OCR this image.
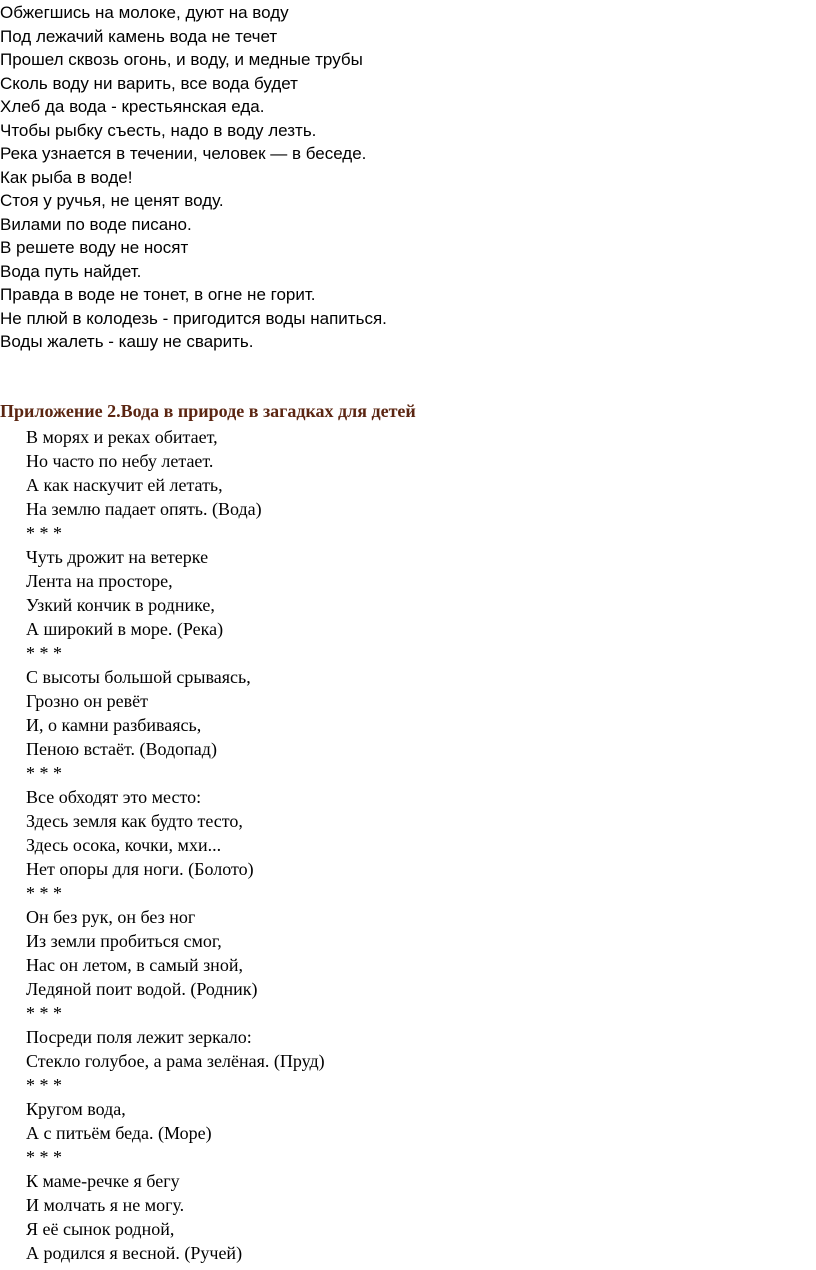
Обжегшись на молоке, дуют на воду
Под лежачий камень вода не течет
Прошел сквозь огонь, и воду, и медные трубы
Сколь воду ни варить, все вода будет
Хлеб да вода - крестьянская еда.
Чтобы рыбку съесть, надо в воду лезть.
Река узнается в течении, человек — в беседе.
Как рыба в воде!
Стоя у ручья, не ценят воду.
Вилами по воде писано.
В решете воду не носят
Вода путь найдет.
Правда в воде не тонет, в огне не горит.
Не плюй в колодезь - пригодится воды напиться.
Воды жалеть - кашу не сварить.
Приложение 2.Вода в природе в загадках для детей
В морях и реках обитает,
Но часто по небу летает.
А как наскучит ей летать,
На землю падает опять. (Вода)
* * *
Чуть дрожит на ветерке
Лента на просторе,
Узкий кончик в роднике,
А широкий в море. (Река)
* * *
С высоты большой срываясь,
Грозно он ревёт
И, о камни разбиваясь,
Пеною встаёт. (Водопад)
* * *
Все обходят это место:
Здесь земля как будто тесто,
Здесь осока, кочки, мхи...
Нет опоры для ноги. (Болото)
* * *
Он без рук, он без ног
Из земли пробиться смог,
Нас он летом, в самый зной,
Ледяной поит водой. (Родник)
* * *
Посреди поля лежит зеркало:
Стекло голубое, а рама зелёная. (Пруд)
* * *
Кругом вода,
А с питьём беда. (Море)
* * *
К маме-речке я бегу
И молчать я не могу.
Я её сынок родной,
А родился я весной. (Ручей)
